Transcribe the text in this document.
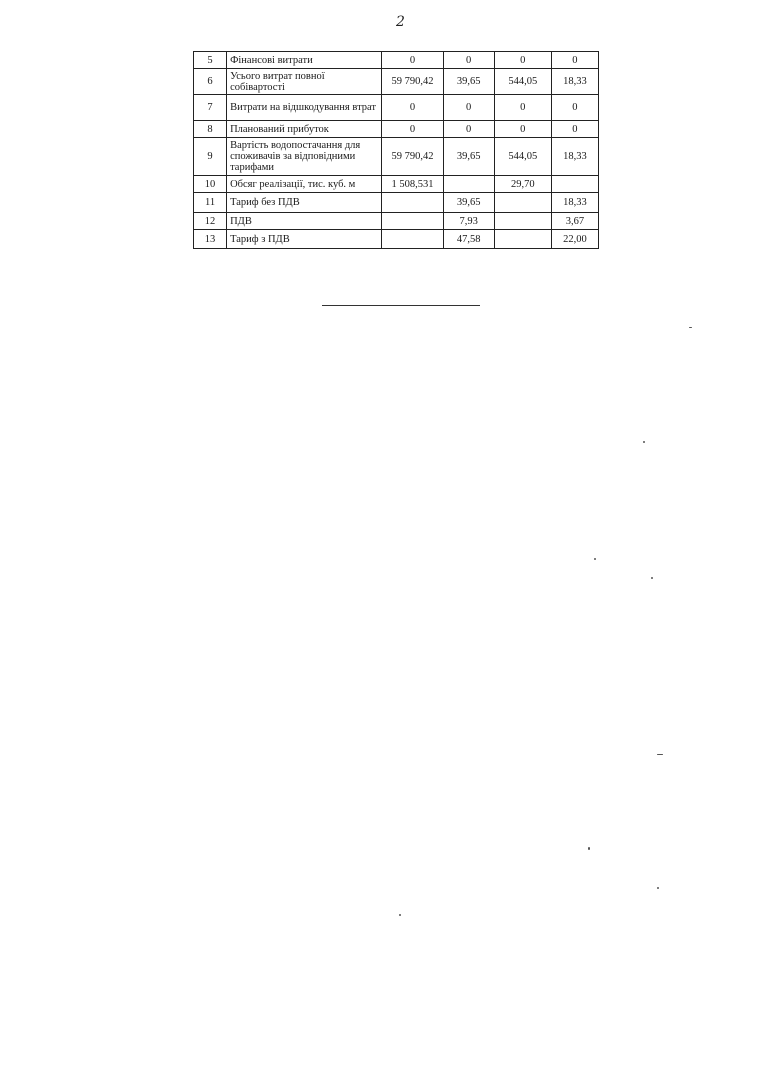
2
5	Фінансові витрати	0	0	0	0
6	Усього витрат повної собівартості	59 790,42	39,65	544,05	18,33
7	Витрати на відшкодування втрат	0	0	0	0
8	Планований прибуток	0	0	0	0
9	Вартість водопостачання для споживачів за відповідними тарифами	59 790,42	39,65	544,05	18,33
10	Обсяг реалізації, тис. куб. м	1 508,531		29,70	
11	Тариф без ПДВ		39,65		18,33
12	ПДВ		7,93		3,67
13	Тариф з ПДВ		47,58		22,00
